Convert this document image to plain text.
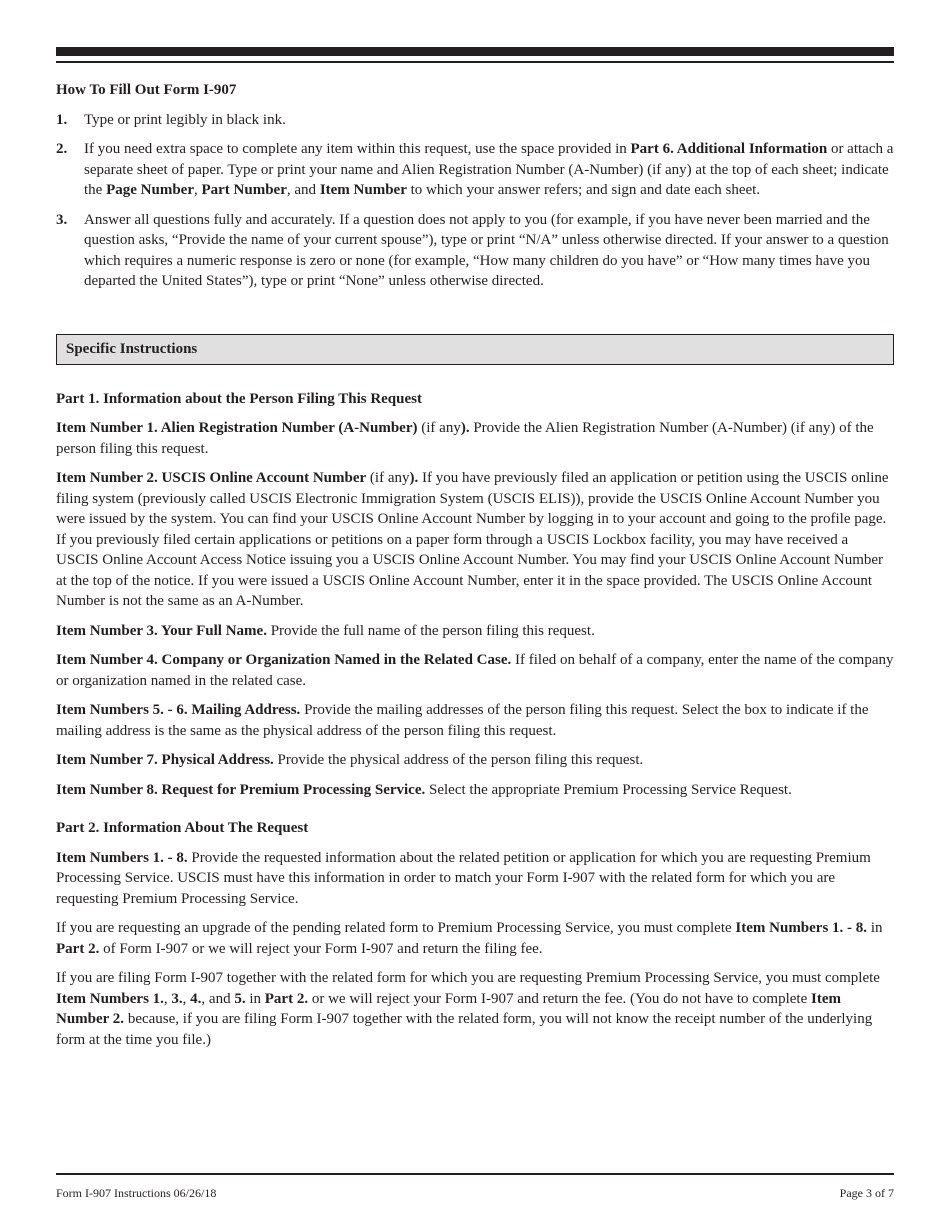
How To Fill Out Form I-907
1.	Type or print legibly in black ink.
2.	If you need extra space to complete any item within this request, use the space provided in Part 6. Additional Information or attach a separate sheet of paper. Type or print your name and Alien Registration Number (A-Number) (if any) at the top of each sheet; indicate the Page Number, Part Number, and Item Number to which your answer refers; and sign and date each sheet.
3.	Answer all questions fully and accurately. If a question does not apply to you (for example, if you have never been married and the question asks, “Provide the name of your current spouse”), type or print “N/A” unless otherwise directed. If your answer to a question which requires a numeric response is zero or none (for example, “How many children do you have” or “How many times have you departed the United States”), type or print “None” unless otherwise directed.
Specific Instructions
Part 1. Information about the Person Filing This Request

Item Number 1. Alien Registration Number (A-Number) (if any). Provide the Alien Registration Number (A-Number) (if any) of the person filing this request.

Item Number 2. USCIS Online Account Number (if any). If you have previously filed an application or petition using the USCIS online filing system (previously called USCIS Electronic Immigration System (USCIS ELIS)), provide the USCIS Online Account Number you were issued by the system. You can find your USCIS Online Account Number by logging in to your account and going to the profile page. If you previously filed certain applications or petitions on a paper form through a USCIS Lockbox facility, you may have received a USCIS Online Account Access Notice issuing you a USCIS Online Account Number. You may find your USCIS Online Account Number at the top of the notice. If you were issued a USCIS Online Account Number, enter it in the space provided. The USCIS Online Account Number is not the same as an A-Number.

Item Number 3. Your Full Name. Provide the full name of the person filing this request.

Item Number 4. Company or Organization Named in the Related Case. If filed on behalf of a company, enter the name of the company or organization named in the related case.

Item Numbers 5. - 6. Mailing Address. Provide the mailing addresses of the person filing this request. Select the box to indicate if the mailing address is the same as the physical address of the person filing this request.

Item Number 7. Physical Address. Provide the physical address of the person filing this request.

Item Number 8. Request for Premium Processing Service. Select the appropriate Premium Processing Service Request.

Part 2. Information About The Request

Item Numbers 1. - 8. Provide the requested information about the related petition or application for which you are requesting Premium Processing Service. USCIS must have this information in order to match your Form I-907 with the related form for which you are requesting Premium Processing Service.

If you are requesting an upgrade of the pending related form to Premium Processing Service, you must complete Item Numbers 1. - 8. in Part 2. of Form I-907 or we will reject your Form I-907 and return the filing fee.

If you are filing Form I-907 together with the related form for which you are requesting Premium Processing Service, you must complete Item Numbers 1., 3., 4., and 5. in Part 2. or we will reject your Form I-907 and return the fee. (You do not have to complete Item Number 2. because, if you are filing Form I-907 together with the related form, you will not know the receipt number of the underlying form at the time you file.)

Form I-907 Instructions 06/26/18	Page 3 of 7
